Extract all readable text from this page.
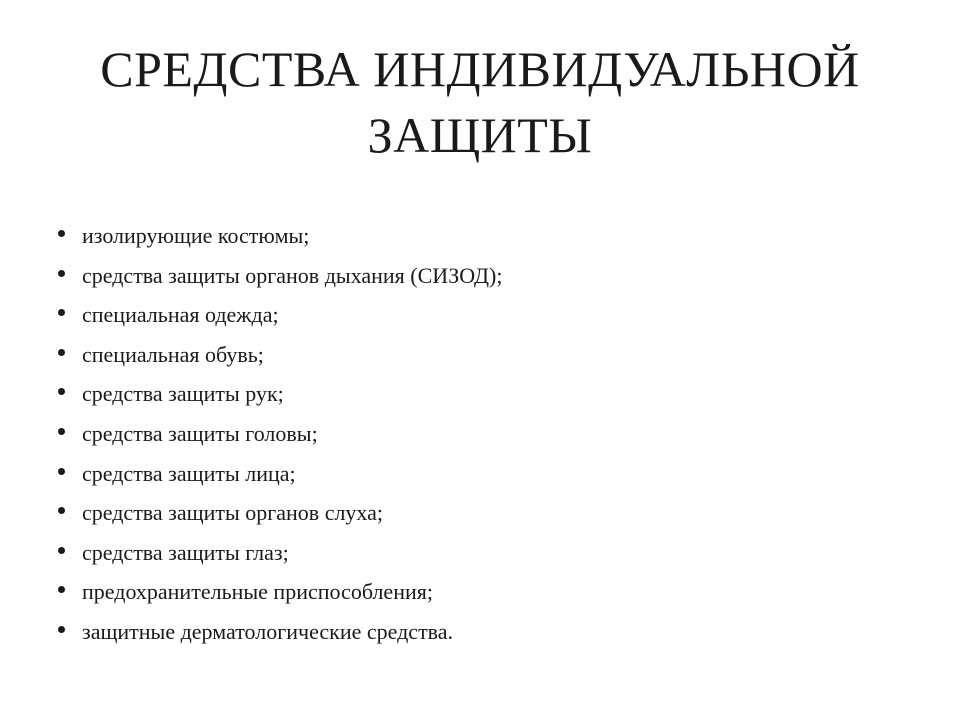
СРЕДСТВА ИНДИВИДУАЛЬНОЙ
ЗАЩИТЫ
изолирующие костюмы;
средства защиты органов дыхания (СИЗОД);
специальная одежда;
специальная обувь;
средства защиты рук;
средства защиты головы;
средства защиты лица;
средства защиты органов слуха;
средства защиты глаз;
предохранительные приспособления;
защитные дерматологические средства.
